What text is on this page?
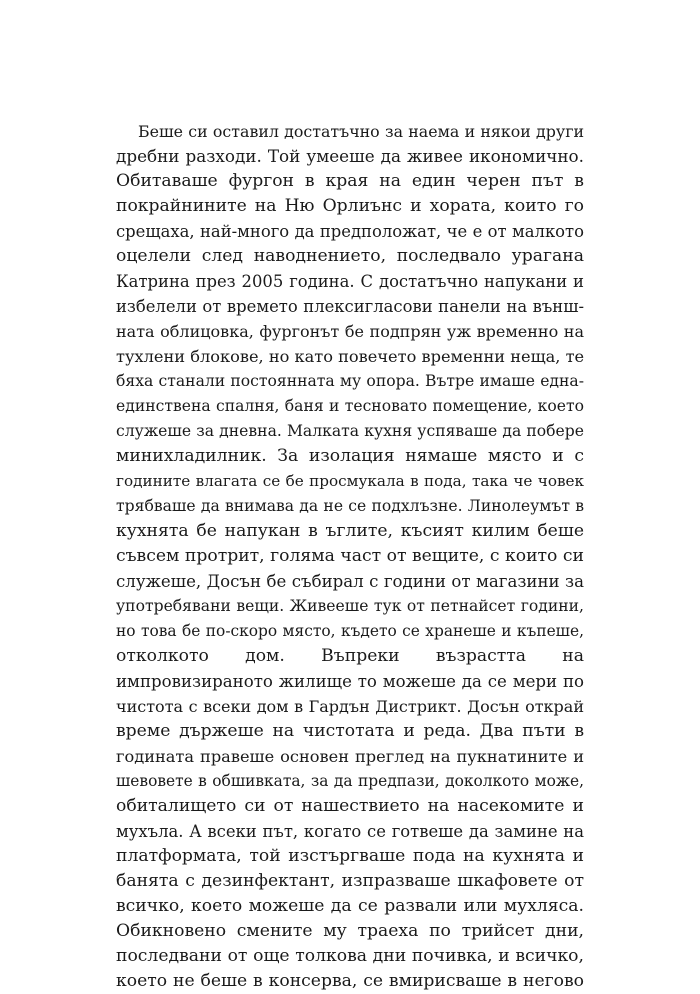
Беше си оставил достатъчно за наема и някои други
дребни разходи. Той умееше да живее икономично.
Обитаваше фургон в края на един черен път в
покрайнините на Ню Орлиънс и хората, които го
срещаха, най-много да предположат, че е от малкото
оцелели след наводнението, последвало урагана
Катрина през 2005 година. С достатъчно напукани и
избелели от времето плексигласови панели на външ-
ната облицовка, фургонът бе подпрян уж временно на
тухлени блокове, но като повечето временни неща, те
бяха станали постоянната му опора. Вътре имаше една-
единствена спалня, баня и тесновато помещение, което
служеше за дневна. Малката кухня успяваше да побере
минихладилник. За изолация нямаше място и с
годините влагата се бе просмукала в пода, така че човек
трябваше да внимава да не се подхлъзне. Линолеумът в
кухнята бе напукан в ъглите, късият килим беше
съвсем протрит, голяма част от вещите, с които си
служеше, Досън бе събирал с години от магазини за
употребявани вещи. Живееше тук от петнайсет години,
но това бе по-скоро място, където се хранеше и къпеше,
отколкото дом. Въпреки възрастта на
импровизираното жилище то можеше да се мери по
чистота с всеки дом в Гардън Дистрикт. Досън открай
време държеше на чистотата и реда. Два пъти в
годината правеше основен преглед на пукнатините и
шевовете в обшивката, за да предпази, доколкото може,
обиталището си от нашествието на насекомите и
мухъла. А всеки път, когато се готвеше да замине на
платформата, той изстъргваше пода на кухнята и
банята с дезинфектант, изпразваше шкафовете от
всичко, което можеше да се развали или мухляса.
Обикновено смените му траеха по трийсет дни,
последвани от още толкова дни почивка, и всичко,
което не беше в консерва, се вмирисваше в негово
